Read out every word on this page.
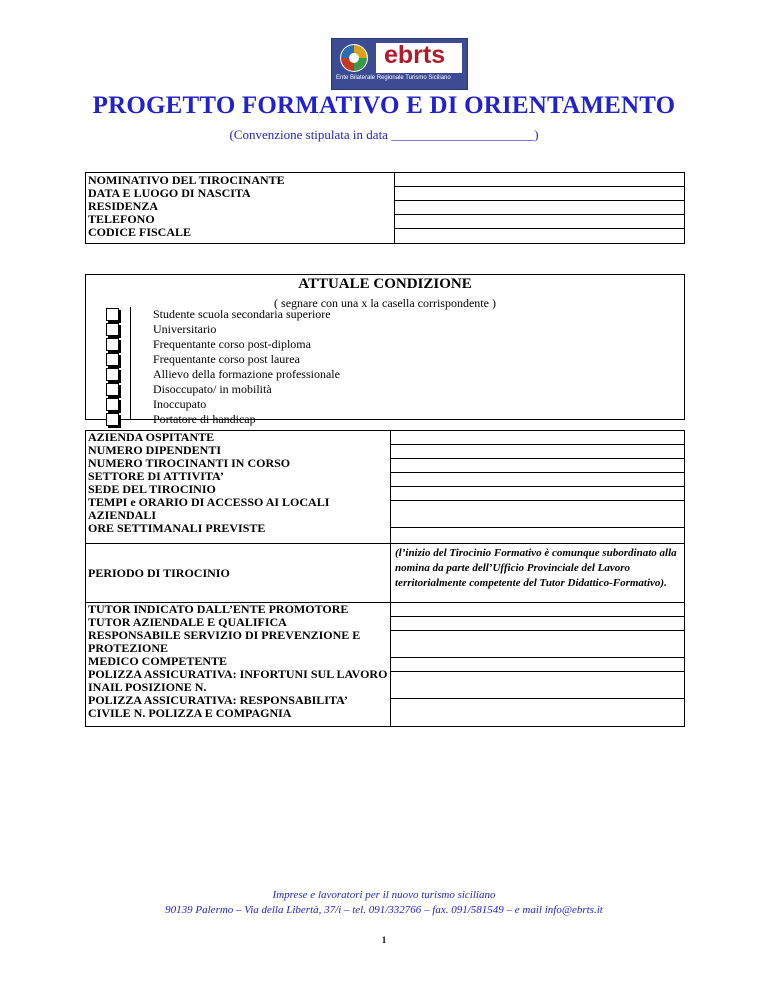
ebrts
Ente Bilaterale Regionale Turismo Siciliano
PROGETTO FORMATIVO E DI ORIENTAMENTO
(Convenzione stipulata in data ______________________)
NOMINATIVO DEL TIROCINANTE
DATA E LUOGO DI NASCITA
RESIDENZA
TELEFONO
CODICE FISCALE

ATTUALE CONDIZIONE
( segnare con una x la casella corrispondente )
Studente scuola secondaria superiore
Universitario
Frequentante corso post-diploma
Frequentante corso post laurea
Allievo della formazione professionale
Disoccupato/ in mobilità
Inoccupato
Portatore di handicap
AZIENDA OSPITANTE
NUMERO DIPENDENTI
NUMERO TIROCINANTI IN CORSO
SETTORE DI ATTIVITA’
SEDE DEL TIROCINIO
TEMPI e ORARIO DI ACCESSO AI LOCALI AZIENDALI
ORE SETTIMANALI PREVISTE

PERIODO DI TIROCINIO
	(l’inizio del Tirocinio Formativo è comunque subordinato alla nomina da parte dell’Ufficio Provinciale del Lavoro territorialmente competente del Tutor Didattico-Formativo).

TUTOR INDICATO DALL’ENTE PROMOTORE
TUTOR AZIENDALE E QUALIFICA
RESPONSABILE SERVIZIO DI PREVENZIONE E PROTEZIONE
MEDICO COMPETENTE
POLIZZA ASSICURATIVA: INFORTUNI SUL LAVORO INAIL POSIZIONE N.
POLIZZA ASSICURATIVA: RESPONSABILITA’ CIVILE N. POLIZZA E COMPAGNIA

Imprese e lavoratori per il nuovo turismo siciliano
90139 Palermo – Via della Libertà, 37/i – tel. 091/332766 – fax. 091/581549 – e mail info@ebrts.it
1
